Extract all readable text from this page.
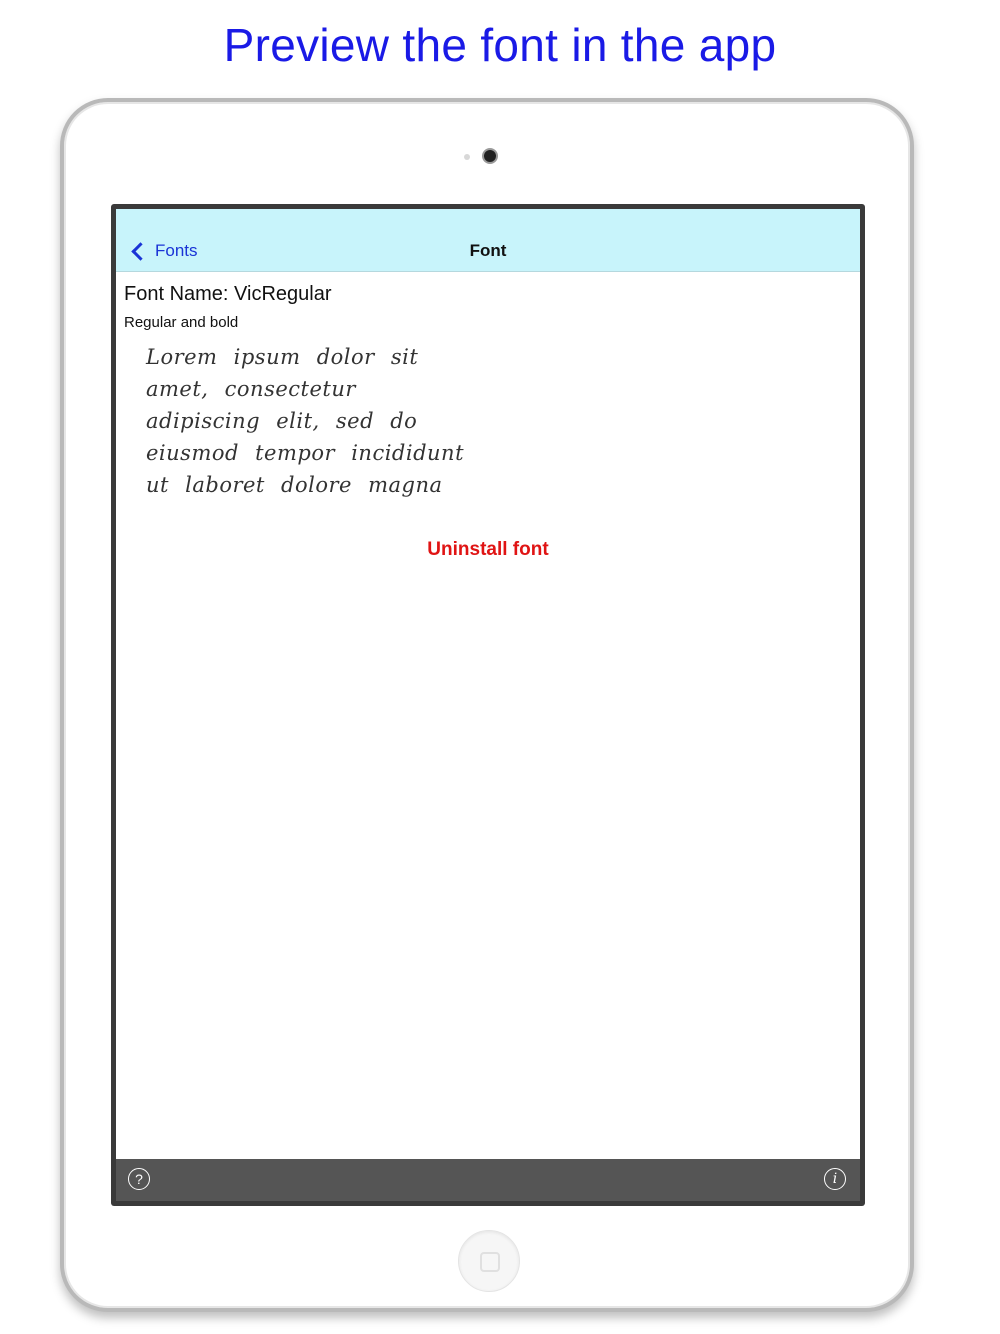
Preview the font in the app
Fonts	Font
Font Name: VicRegular
Regular and bold
Lorem ipsum dolor sit
amet, consectetur
adipiscing elit, sed do
eiusmod tempor incididunt
ut laboret dolore magna
Uninstall font
?	i
